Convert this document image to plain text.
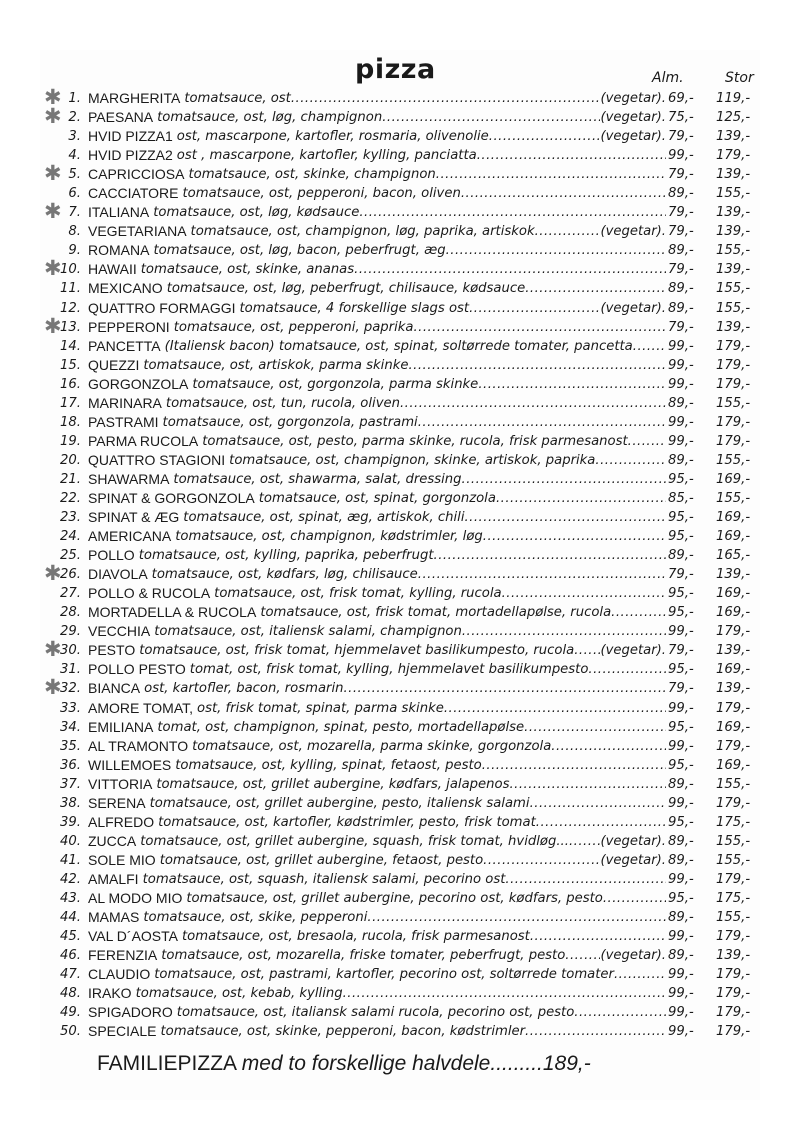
pizza	Alm.	Stor
✱ 1. MARGHERITA tomatsauce, ost .....	(vegetar). 69,-	119,-
✱ 2. PAESANA tomatsauce, ost, løg, champignon .....	(vegetar). 75,-	125,-
3. HVID PIZZA1 ost, mascarpone, kartofler, rosmaria, olivenolie .....	(vegetar). 79,-	139,-
4. HVID PIZZA2 ost , mascarpone, kartofler, kylling, panciatta .....	99,-	179,-
✱ 5. CAPRICCIOSA tomatsauce, ost, skinke, champignon .....	79,-	139,-
6. CACCIATORE tomatsauce, ost, pepperoni, bacon, oliven .....	89,-	155,-
✱ 7. ITALIANA tomatsauce, ost, løg, kødsauce .....	79,-	139,-
8. VEGETARIANA tomatsauce, ost, champignon, løg, paprika, artiskok .....	(vegetar). 79,-	139,-
9. ROMANA tomatsauce, ost, løg, bacon, peberfrugt, æg .....	89,-	155,-
✱
10. HAWAII tomatsauce, ost, skinke, ananas .....	79,-	139,-
11. MEXICANO tomatsauce, ost, løg, peberfrugt, chilisauce, kødsauce .....	89,-	155,-
12. QUATTRO FORMAGGI tomatsauce, 4 forskellige slags ost .....	(vegetar). 89,-	155,-
✱
13. PEPPERONI tomatsauce, ost, pepperoni, paprika .....	79,-	139,-
14. PANCETTA (Italiensk bacon) tomatsauce, ost, spinat, soltørrede tomater, pancetta .....	99,-	179,-
15. QUEZZI tomatsauce, ost, artiskok, parma skinke .....	99,-	179,-
16. GORGONZOLA tomatsauce, ost, gorgonzola, parma skinke .....	99,-	179,-
17. MARINARA tomatsauce, ost, tun, rucola, oliven .....	89,-	155,-
18. PASTRAMI tomatsauce, ost, gorgonzola, pastrami .....	99,-	179,-
19. PARMA RUCOLA tomatsauce, ost, pesto, parma skinke, rucola, frisk parmesanost .....	99,-	179,-
20. QUATTRO STAGIONI tomatsauce, ost, champignon, skinke, artiskok, paprika .....	89,-	155,-
21. SHAWARMA tomatsauce, ost, shawarma, salat, dressing .....	95,-	169,-
22. SPINAT & GORGONZOLA tomatsauce, ost, spinat, gorgonzola .....	85,-	155,-
23. SPINAT & ÆG tomatsauce, ost, spinat, æg, artiskok, chili .....	95,-	169,-
24. AMERICANA tomatsauce, ost, champignon, kødstrimler, løg .....	95,-	169,-
25. POLLO tomatsauce, ost, kylling, paprika, peberfrugt .....	89,-	165,-
✱
26. DIAVOLA tomatsauce, ost, kødfars, løg, chilisauce .....	79,-	139,-
27. POLLO & RUCOLA tomatsauce, ost, frisk tomat, kylling, rucola .....	95,-	169,-
28. MORTADELLA & RUCOLA tomatsauce, ost, frisk tomat, mortadellapølse, rucola .....	95,-	169,-
29. VECCHIA tomatsauce, ost, italiensk salami, champignon .....	99,-	179,-
✱
30. PESTO tomatsauce, ost, frisk tomat, hjemmelavet basilikumpesto, rucola ..... (vegetar). 79,-	139,-
31. POLLO PESTO tomat, ost, frisk tomat, kylling, hjemmelavet basilikumpesto .....	95,-	169,-
✱
32. BIANCA ost, kartofler, bacon, rosmarin .....	79,-	139,-
33. AMORE TOMAT, ost, frisk tomat, spinat, parma skinke .....	99,-	179,-
34. EMILIANA tomat, ost, champignon, spinat, pesto, mortadellapølse .....	95,-	169,-
35. AL TRAMONTO tomatsauce, ost, mozarella, parma skinke, gorgonzola .....	99,-	179,-
36. WILLEMOES tomatsauce, ost, kylling, spinat, fetaost, pesto .....	95,-	169,-
37. VITTORIA tomatsauce, ost, grillet aubergine, kødfars, jalapenos .....	89,-	155,-
38. SERENA tomatsauce, ost, grillet aubergine, pesto, italiensk salami .....	99,-	179,-
39. ALFREDO tomatsauce, ost, kartofler, kødstrimler, pesto, frisk tomat .....	95,-	175,-
40. ZUCCA tomatsauce, ost, grillet aubergine, squash, frisk tomat, hvidløg... ..... (vegetar). 89,-	155,-
41. SOLE MIO tomatsauce, ost, grillet aubergine, fetaost, pesto .....	(vegetar). 89,-	155,-
42. AMALFI tomatsauce, ost, squash, italiensk salami, pecorino ost .....	99,-	179,-
43. AL MODO MIO tomatsauce, ost, grillet aubergine, pecorino ost, kødfars, pesto .....	95,-	175,-
44. MAMAS tomatsauce, ost, skike, pepperoni .....	89,-	155,-
45. VAL D´AOSTA tomatsauce, ost, bresaola, rucola, frisk parmesanost .....	99,-	179,-
46. FERENZIA tomatsauce, ost, mozarella, friske tomater, peberfrugt, pesto .....	(vegetar). 89,-	139,-
47. CLAUDIO tomatsauce, ost, pastrami, kartofler, pecorino ost, soltørrede tomater .....	99,-	179,-
48. IRAKO tomatsauce, ost, kebab, kylling .....	99,-	179,-
49. SPIGADORO tomatsauce, ost, italiansk salami rucola, pecorino ost, pesto .....	99,-	179,-
50. SPECIALE tomatsauce, ost, skinke, pepperoni, bacon, kødstrimler .....	99,-	179,-
FAMILIEPIZZA med to forskellige halvdele.........189,-
